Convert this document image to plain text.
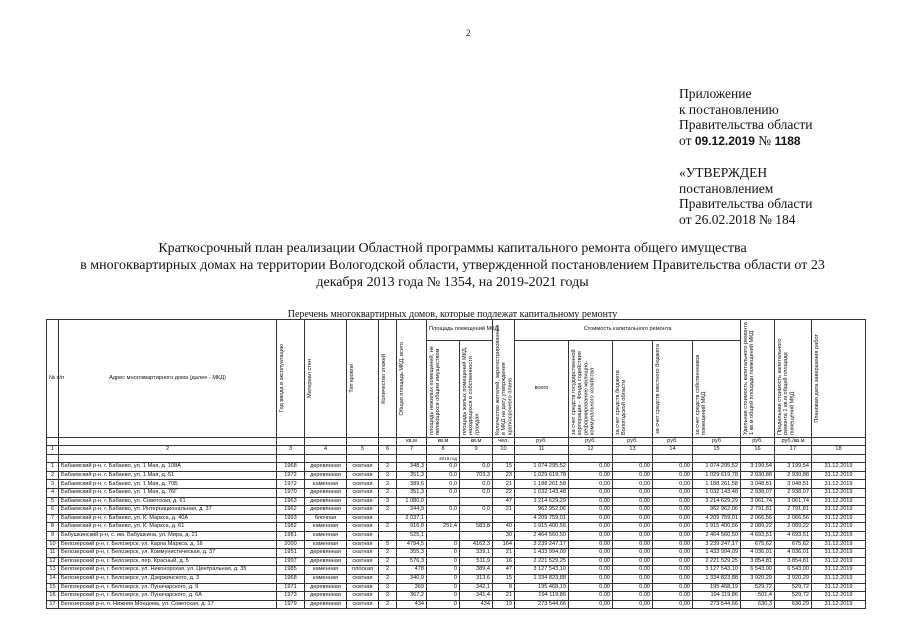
2
Приложение
к постановлению
Правительства области
от 09.12.2019 № 1188
«УТВЕРЖДЕН
постановлением
Правительства области
от 26.02.2018 № 184
Краткосрочный план реализации Областной программы капитального ремонта общего имущества
в многоквартирных домах на территории Вологодской области, утвержденной постановлением Правительства области от 23
декабря 2013 года № 1354, на 2019-2021 годы
Перечень многоквартирных домов, которые подлежат капитальному ремонту
№ п/п	Адрес многоквартирного дома (далее - МКД)	Год ввода в эксплуатацию	Материал стен	Тип кровли	Количество этажей	Общая площадь МКД, всего	Площадь помещений МКД		Количество жителей, зарегистрированных в МКД на дату утверждения краткосрочного плана	Стоимость капитального ремонта					Удельная стоимость капитального ремонта 1 кв.м общей площади помещений МКД	Предельная стоимость капитального ремонта 1 кв.м общей площади помещений МКД	Плановая дата завершения работ

							площадь нежилых помещений, не являющихся общим имуществом	площадь жилых помещений МКД, находящихся в собственности граждан		всего	за счет средств государственной корпорации - Фонда содействия реформированию жилищно-коммунального хозяйства	за счет средств бюджета Вологодской области	за счет средств местного бюджета	за счет средств собственников помещений МКД			

						кв.м	кв.м	кв.м	чел.	руб.	руб.	руб.	руб.	руб	руб.	руб./кв.м	
1	2	3	4	5	6	7	8	9	10	11	12	13	14	15	16	17	18
							2019 год										
1	Бабаевский р-н, г. Бабаево, ул. 1 Мая, д. 108А	1968	деревянная	скатная	2	348,3	0,0	0,0	15	1 074 295,52	0,00	0,00	0,00	1 074 295,52	3 199,54	3 199,54	31.12.2019
2	Бабаевский р-н, г. Бабаево, ул. 1 Мая, д. 51	1972	деревянная	скатная	2	351,3	0,0	703,3	23	1 029 619,78	0,00	0,00	0,00	1 029 619,78	2 930,88	2 930,88	31.12.2019
3	Бабаевский р-н, г. Бабаево, ул. 1 Мая, д. 70Б	1972	каменная	скатная	2	389,6	0,0	0,0	21	1 188 261,58	0,00	0,00	0,00	1 188 261,58	3 048,51	3 048,51	31.12.2019
4	Бабаевский р-н, г. Бабаево, ул. 1 Мая, д. 76Г	1970	деревянная	скатная	2	351,3	0,0	0,0	22	1 032 143,48	0,00	0,00	0,00	1 032 143,48	2 938,07	2 938,07	31.12.2019
5	Бабаевский р-н, г. Бабаево, ул. Советская, д. 61	1963	деревянная	скатная	3	1 080,0			47	3 214 629,29	0,00	0,00	0,00	3 214 629,29	3 061,74	3 061,74	31.12.2019
6	Бабаевский р-н, г. Бабаево, ул. Интернациональная, д. 37	1962	деревянная	скатная	2	344,9	0,0	0,0	21	962 952,06	0,00	0,00	0,00	962 962,06	2 791,81	2 791,81	31.12.2019
7	Бабаевский р-н, г. Бабаево, ул. К. Маркса, д. 40А	1993	блочная	скатная		2 037,1				4 209 759,01	0,00	0,00	0,00	4 209 759,01	2 066,56	2 066,56	31.12.2019
8	Бабаевский р-н, г. Бабаево, ул. К. Маркса, д. 61	1982	каменная	скатная	2	916,8	251,4	583,8	40	1 915 400,56	0,00	0,00	0,00	1 915 400,56	2 089,22	2 089,22	31.12.2019
9	Бабушкинский р-н, с. им. Бабушкина, ул. Мира, д. 21	1981	каменная	скатная		525,1			30	2 464 560,50	0,00	0,00	0,00	2 464 560,50	4 693,51	4 693,51	31.12.2019
10	Белозерский р-н, г. Белозерск, ул. Карла Маркса, д. 16	2000	каменная	скатная	5	4794,5	0	4162,3	164	3 239 247,17	0,00	0,00	0,00	3 239 247,17	675,62	675,62	31.12.2019
11	Белозерский р-н, г. Белозерск, ул. Коммунистическая, д. 37	1951	деревянная	скатная	2	355,3	0	339,1	21	1 433 994,09	0,00	0,00	0,00	1 433 994,09	4 036,01	4 036,01	31.12.2019
12	Белозерский р-н, г. Белозерск, пер. Красный, д. 5	1997	деревянная	скатная	2	576,3	0	511,9	16	2 221 529,25	0,00	0,00	0,00	2 221 529,25	3 854,81	3 854,81	31.12.2019
13	Белозерский р-н, г. Белозерск, ул. Никонорская, ул. Центральная, д. 35	1985	каменная	плоская	2	478	0	389,4	47	3 127 543,10	0,00	0,00	0,00	3 127 543,10	6 543,00	6 543,00	31.12.2019
14	Белозерский р-н, г. Белозерск, ул. Дзержинского, д. 3	1968	каменная	скатная	2	340,9	0	313,6	15	1 334 823,88	0,00	0,00	0,00	1 334 823,88	3 920,29	3 920,29	31.12.2019
15	Белозерский р-н, г. Белозерск, ул. Луначарского, д. 9	1971	деревянная	скатная	2	369	0	342,1	8	195 468,19	0,00	0,00	0,00	195 468,19	529,72	529,72	31.12.2019
16	Белозерский р-н, г. Белозерск, ул. Луначарского, д. 6А	1973	деревянная	скатная	2	367,2	0	341,4	21	194 119,86	0,00	0,00	0,00	194 119,86	501,4	529,72	31.12.2019
17	Белозерский р-н, п. Нижняя Мондома, ул. Советская, д. 17	1979	деревянная	скатная	2	434	0	434	19	273 544,66	0,00	0,00	0,00	273 544,66	630,3	630,29	31.12.2019
